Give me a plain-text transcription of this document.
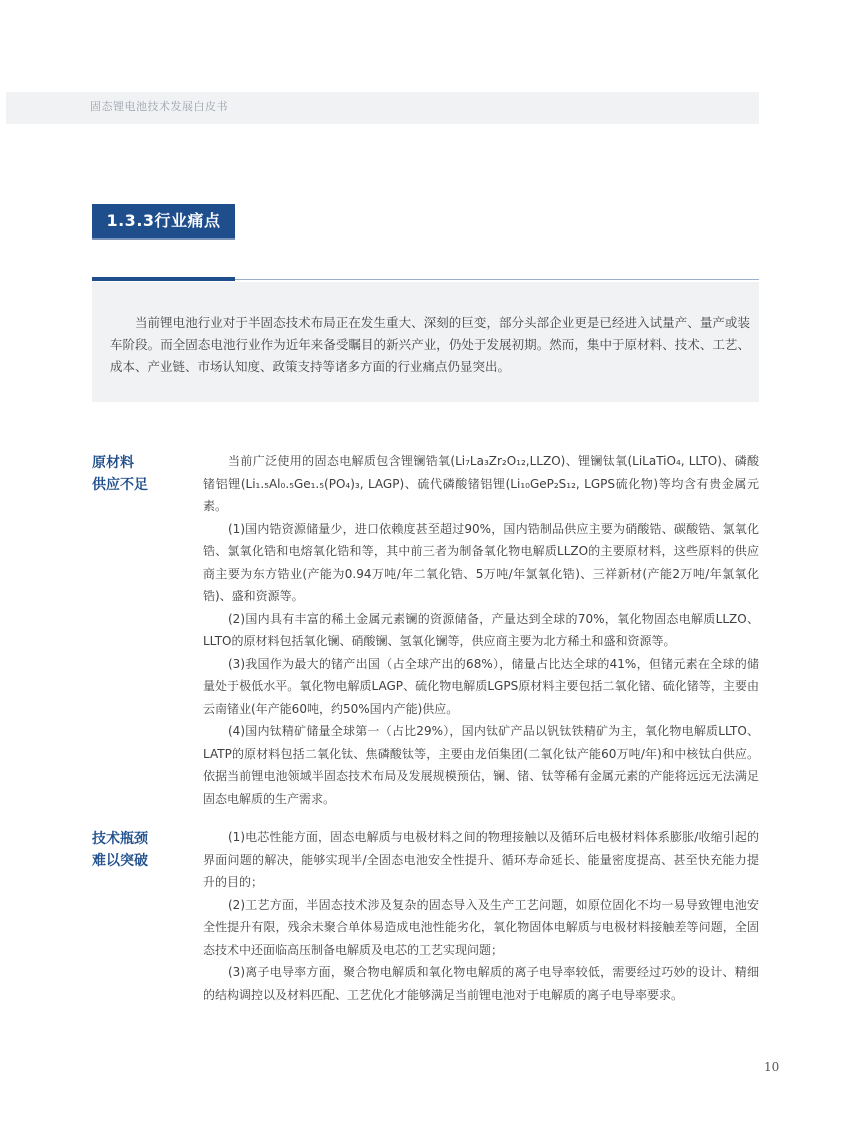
固态锂电池技术发展白皮书
1.3.3行业痛点
当前锂电池行业对于半固态技术布局正在发生重大、深刻的巨变，部分头部企业更是已经进入试量产、量产或装车阶段。而全固态电池行业作为近年来备受瞩目的新兴产业，仍处于发展初期。然而，集中于原材料、技术、工艺、成本、产业链、市场认知度、政策支持等诸多方面的行业痛点仍显突出。
原材料
供应不足

当前广泛使用的固态电解质包含锂镧锆氧(Li₇La₃Zr₂O₁₂,LLZO)、锂镧钛氧(LiLaTiO₄, LLTO)、磷酸锗铝锂(Li₁.₅Al₀.₅Ge₁.₅(PO₄)₃, LAGP)、硫代磷酸锗铝锂(Li₁₀GeP₂S₁₂, LGPS硫化物)等均含有贵金属元素。

(1)国内锆资源储量少，进口依赖度甚至超过90%，国内锆制品供应主要为硝酸锆、碳酸锆、氯氧化锆、氯氧化锆和电熔氧化锆和等，其中前三者为制备氧化物电解质LLZO的主要原材料，这些原料的供应商主要为东方锆业(产能为0.94万吨/年二氧化锆、5万吨/年氯氧化锆)、三祥新材(产能2万吨/年氯氧化锆)、盛和资源等。

(2)国内具有丰富的稀土金属元素镧的资源储备，产量达到全球的70%，氧化物固态电解质LLZO、LLTO的原材料包括氧化镧、硝酸镧、氢氧化镧等，供应商主要为北方稀土和盛和资源等。

(3)我国作为最大的锗产出国（占全球产出的68%），储量占比达全球的41%，但锗元素在全球的储量处于极低水平。氧化物电解质LAGP、硫化物电解质LGPS原材料主要包括二氧化锗、硫化锗等，主要由云南锗业(年产能60吨，约50%国内产能)供应。

(4)国内钛精矿储量全球第一（占比29%），国内钛矿产品以钒钛铁精矿为主，氧化物电解质LLTO、LATP的原材料包括二氧化钛、焦磷酸钛等，主要由龙佰集团(二氧化钛产能60万吨/年)和中核钛白供应。依据当前锂电池领域半固态技术布局及发展规模预估，镧、锗、钛等稀有金属元素的产能将远远无法满足固态电解质的生产需求。

技术瓶颈
难以突破

(1)电芯性能方面，固态电解质与电极材料之间的物理接触以及循环后电极材料体系膨胀/收缩引起的界面问题的解决，能够实现半/全固态电池安全性提升、循环寿命延长、能量密度提高、甚至快充能力提升的目的；

(2)工艺方面，半固态技术涉及复杂的固态导入及生产工艺问题，如原位固化不均一易导致锂电池安全性提升有限，残余未聚合单体易造成电池性能劣化，氧化物固体电解质与电极材料接触差等问题，全固态技术中还面临高压制备电解质及电芯的工艺实现问题；

(3)离子电导率方面，聚合物电解质和氧化物电解质的离子电导率较低，需要经过巧妙的设计、精细的结构调控以及材料匹配、工艺优化才能够满足当前锂电池对于电解质的离子电导率要求。

10
